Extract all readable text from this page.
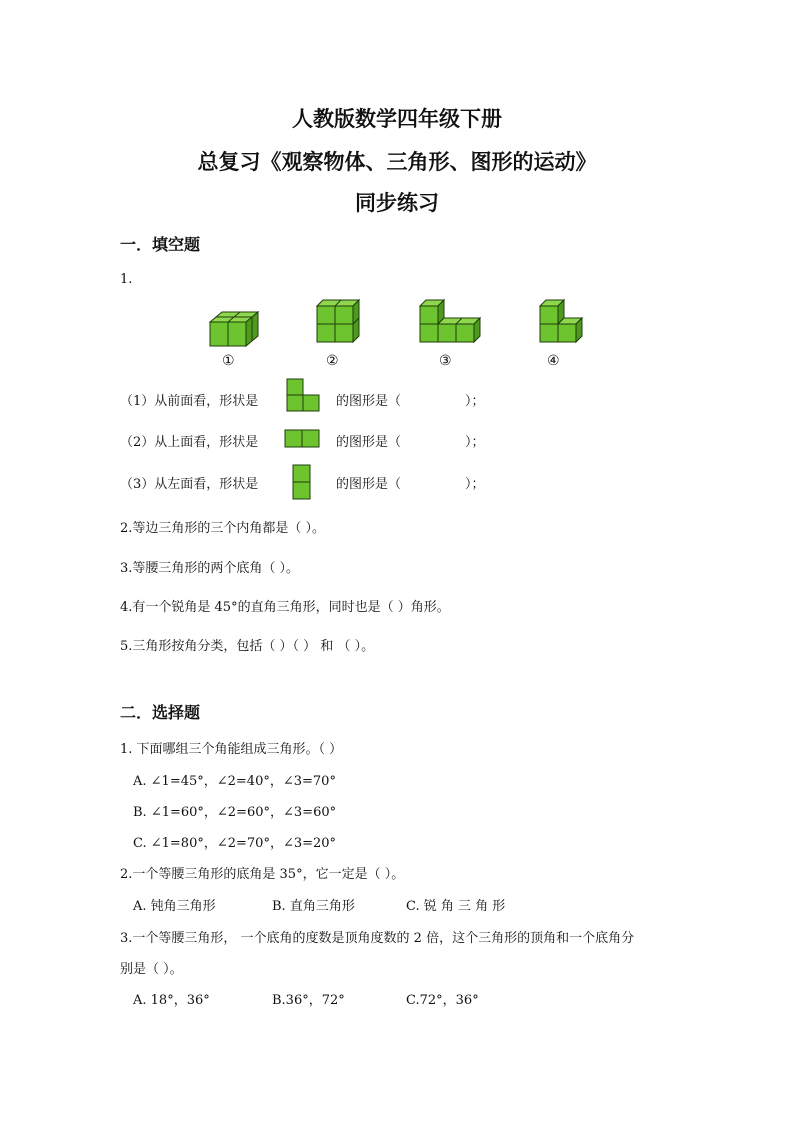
人教版数学四年级下册
总复习《观察物体、三角形、图形的运动》
同步练习
一．填空题
1.
①	②	③	④
（1）从前面看，形状是	的图形是（	）；
（2）从上面看，形状是	的图形是（	）；
（3）从左面看，形状是	的图形是（	）；
2.等边三角形的三个内角都是（ ）。
3.等腰三角形的两个底角（ ）。
4.有一个锐角是 45°的直角三角形，同时也是（ ）角形。
5.三角形按角分类，包括（ ）（ ） 和 （ ）。
二．选择题
1. 下面哪组三个角能组成三角形。（ ）
A. ∠1=45°，∠2=40°，∠3=70°
B. ∠1=60°，∠2=60°，∠3=60°
C. ∠1=80°，∠2=70°，∠3=20°
2.一个等腰三角形的底角是 35°，它一定是（ ）。
A. 钝角三角形	B. 直角三角形	C. 锐 角 三 角 形
3.一个等腰三角形， 一个底角的度数是顶角度数的 2 倍，这个三角形的顶角和一个底角分
别是（ ）。
A. 18°，36°	B.36°，72°	C.72°，36°
